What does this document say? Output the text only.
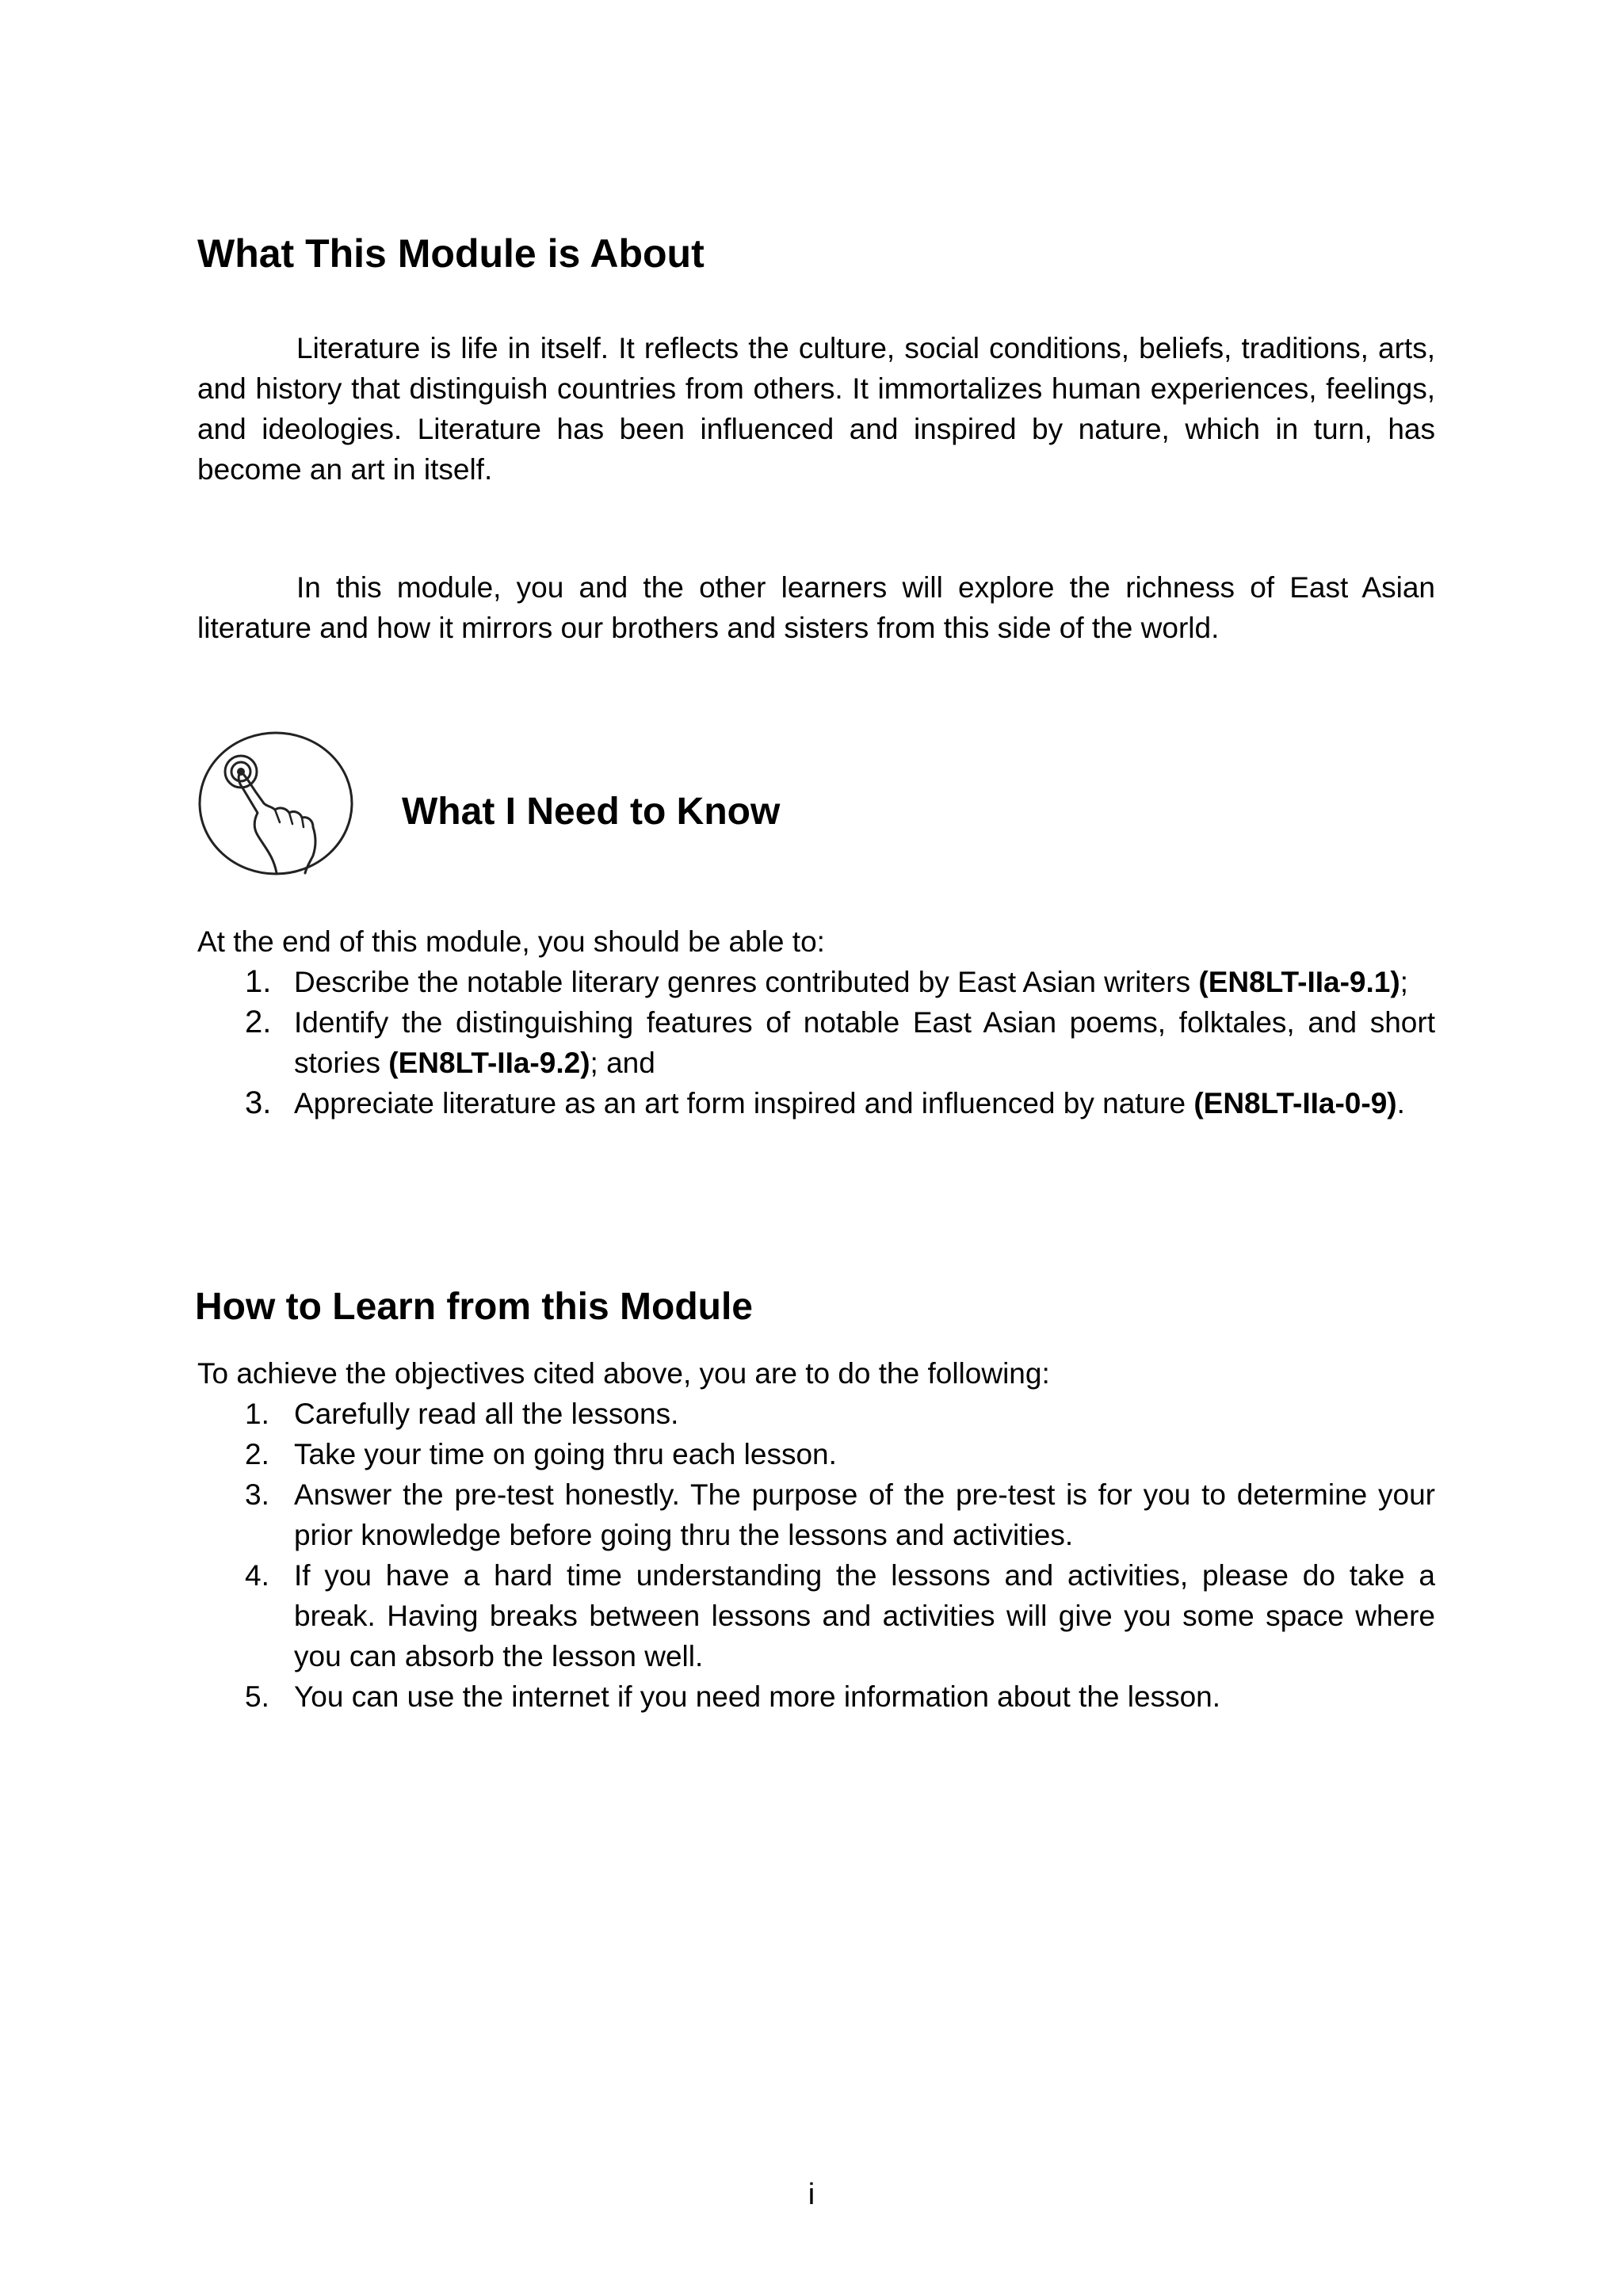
What This Module is About

Literature is life in itself. It reflects the culture, social conditions, beliefs, traditions, arts, and history that distinguish countries from others. It immortalizes human experiences, feelings, and ideologies. Literature has been influenced and inspired by nature, which in turn, has become an art in itself.

In this module, you and the other learners will explore the richness of East Asian literature and how it mirrors our brothers and sisters from this side of the world.

What I Need to Know

At the end of this module, you should be able to:

1. Describe the notable literary genres contributed by East Asian writers (EN8LT-IIa-9.1);
2. Identify the distinguishing features of notable East Asian poems, folktales, and short stories (EN8LT-IIa-9.2); and
3. Appreciate literature as an art form inspired and influenced by nature (EN8LT-IIa-0-9).
How to Learn from this Module

To achieve the objectives cited above, you are to do the following:

1. Carefully read all the lessons.
2. Take your time on going thru each lesson.
3. Answer the pre-test honestly. The purpose of the pre-test is for you to determine your prior knowledge before going thru the lessons and activities.
4. If you have a hard time understanding the lessons and activities, please do take a break. Having breaks between lessons and activities will give you some space where you can absorb the lesson well.
5. You can use the internet if you need more information about the lesson.
i
